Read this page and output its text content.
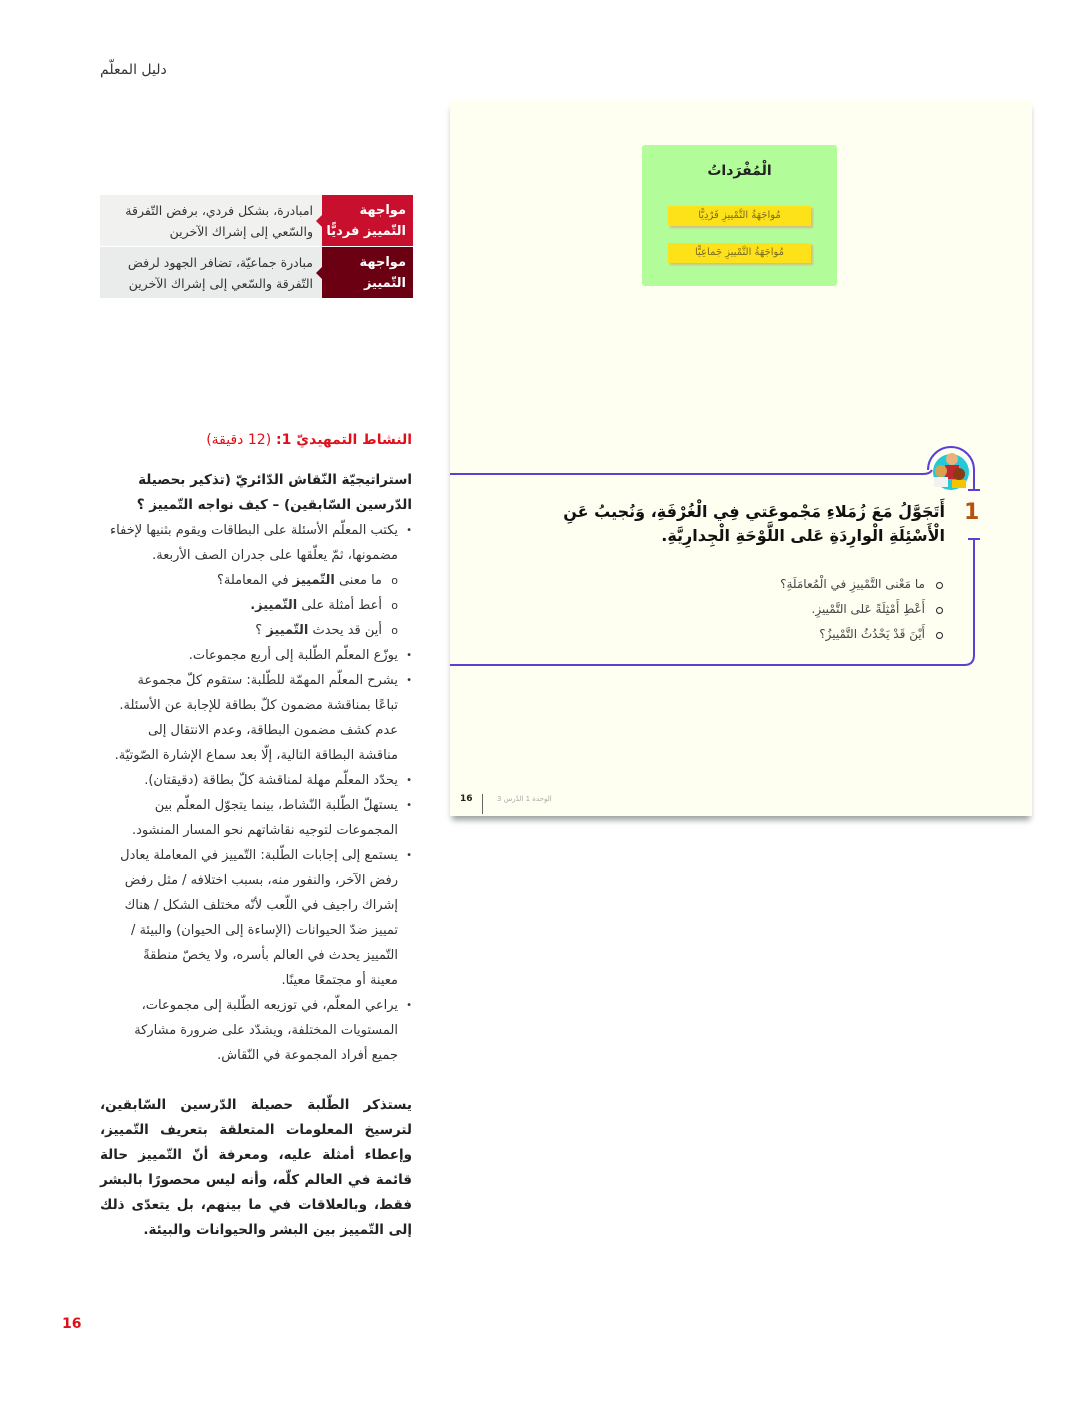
دليل المعلّم
الْمُفْرَداتُ
مُواجَهَةُ التَّمْييزِ فَرْدِيًّا
مُواجَهَةُ التَّمْييزِ جَماعِيًّا
1
أَتَجَوَّلُ مَعَ زُمَلاءِ مَجْموعَتي فِي الْغُرْفَةِ، وَنُجيبُ عَنِ الْأَسْئِلَةِ الْوارِدَةِ عَلى اللَّوْحَةِ الْجِدارِيَّةِ.
ما مَعْنى التَّمْييزِ في الْمُعامَلَةِ؟
أَعْطِ أَمْثِلَةً عَلى التَّمْييزِ.
أَيْنَ قَدْ يَحْدُثُ التَّمْييزُ؟
16	الوحدة 1 الدّرس 3
مواجهة
التّمييز فرديًّا
امبادرة، بشكل فردي، برفض التّفرقة والسّعي إلى إشراك الآخرين
مواجهة
التّمييز جماعيًا
مبادرة جماعيّة، تضافر الجهود لرفض التّفرقة والسّعي إلى إشراك الآخرين
النشاط التمهيديّ 1: (12 دقيقة)
استراتيجيّة النّقاش الدّائريّ (تذكير بحصيلة الدّرسين السّابقين) – كيف نواجه التّمييز ؟
• يكتب المعلّم الأسئلة على البطاقات ويقوم بثنيها لإخفاء مضمونها، ثمّ يعلّقها على جدران الصف الأربعة.
o ما معنى التّمييز في المعاملة؟
o أعط أمثلة على التّمييز.
o أين قد يحدث التّمييز ؟
• يوزّع المعلّم الطّلبة إلى أربع مجموعات.
• يشرح المعلّم المهمّة للطّلبة: ستقوم كلّ مجموعة تباعًا بمناقشة مضمون كلّ بطاقة للإجابة عن الأسئلة. عدم كشف مضمون البطاقة، وعدم الانتقال إلى مناقشة البطاقة التالية، إلّا بعد سماع الإشارة الصّوتيّة.
• يحدّد المعلّم مهلة لمناقشة كلّ بطاقة (دقيقتان).
• يستهلّ الطّلبة النّشاط، بينما يتجوّل المعلّم بين المجموعات لتوجيه نقاشاتهم نحو المسار المنشود.
• يستمع إلى إجابات الطّلبة: التّمييز في المعاملة يعادل رفض الآخر، والنفور منه، بسبب اختلافه / مثل رفض إشراك راجيف في اللّعب لأنّه مختلف الشكل / هناك تمييز ضدّ الحيوانات (الإساءة إلى الحيوان) والبيئة / التّمييز يحدث في العالم بأسره، ولا يخصّ منطقةً معينة أو مجتمعًا معينًا.
• يراعي المعلّم، في توزيعه الطّلبة إلى مجموعات، المستويات المختلفة، ويشدّد على ضرورة مشاركة جميع أفراد المجموعة في النّقاش.
يستذكر الطّلبة حصيلة الدّرسين السّابقين، لترسيخ المعلومات المتعلقة بتعريف التّمييز، وإعطاء أمثلة عليه، ومعرفة أنّ التّمييز حالة قائمة في العالم كلّه، وأنه ليس محصورًا بالبشر فقط، وبالعلاقات في ما بينهم، بل يتعدّى ذلك إلى التّمييز بين البشر والحيوانات والبيئة.
16
